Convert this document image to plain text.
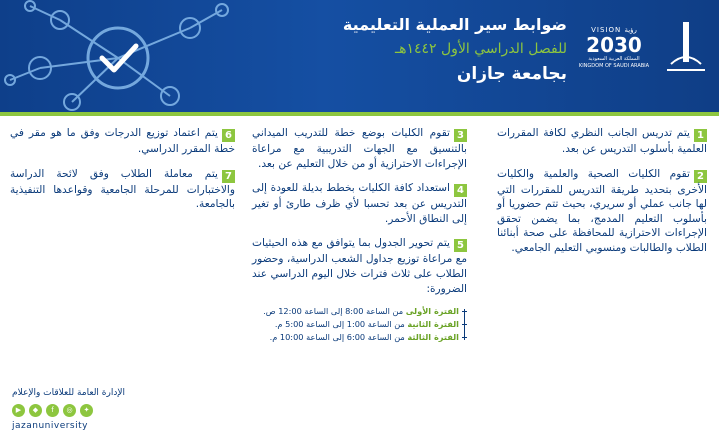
ضوابط سير العملية التعليمية
للفصل الدراسي الأول ١٤٤٢هـ
بجامعة جازان
VISION رؤية
2030
المملكة العربية السعودية
KINGDOM OF SAUDI ARABIA
1يتم تدريس الجانب النظري لكافة المقررات العلمية بأسلوب التدريس عن بعد.
2تقوم الكليات الصحية والعلمية والكليات الأخرى بتحديد طريقة التدريس للمقررات التي لها جانب عملي أو سريري، بحيث تتم حضوريا أو بأسلوب التعليم المدمج، بما يضمن تحقق الإجراءات الاحترازية للمحافظة على صحة أبنائنا الطلاب والطالبات ومنسوبي التعليم الجامعي.
3تقوم الكليات بوضع خطة للتدريب الميداني بالتنسيق مع الجهات التدريبية مع مراعاة الإجراءات الاحترازية أو من خلال التعليم عن بعد.
4استعداد كافة الكليات بخطط بديلة للعودة إلى التدريس عن بعد تحسبا لأي ظرف طارئ أو تغير إلى النطاق الأحمر.
5يتم تحوير الجدول بما يتوافق مع هذه الحيثيات مع مراعاة توزيع جداول الشعب الدراسية، وحضور الطلاب على ثلاث فترات خلال اليوم الدراسي عند الضرورة:
الفترة الأولى من الساعة 8:00 إلى الساعة 12:00 ص.
الفترة الثانية من الساعة 1:00 إلى الساعة 5:00 م.
الفترة الثالثة من الساعة 6:00 إلى الساعة 10:00 م.
6يتم اعتماد توزيع الدرجات وفق ما هو مقر في خطة المقرر الدراسي.
7يتم معاملة الطلاب وفق لائحة الدراسة والاختبارات للمرحلة الجامعية وقواعدها التنفيذية بالجامعة.
الإدارة العامة للعلاقات والإعلام
▶	◆	f	◎	✦
jazanuniversity
